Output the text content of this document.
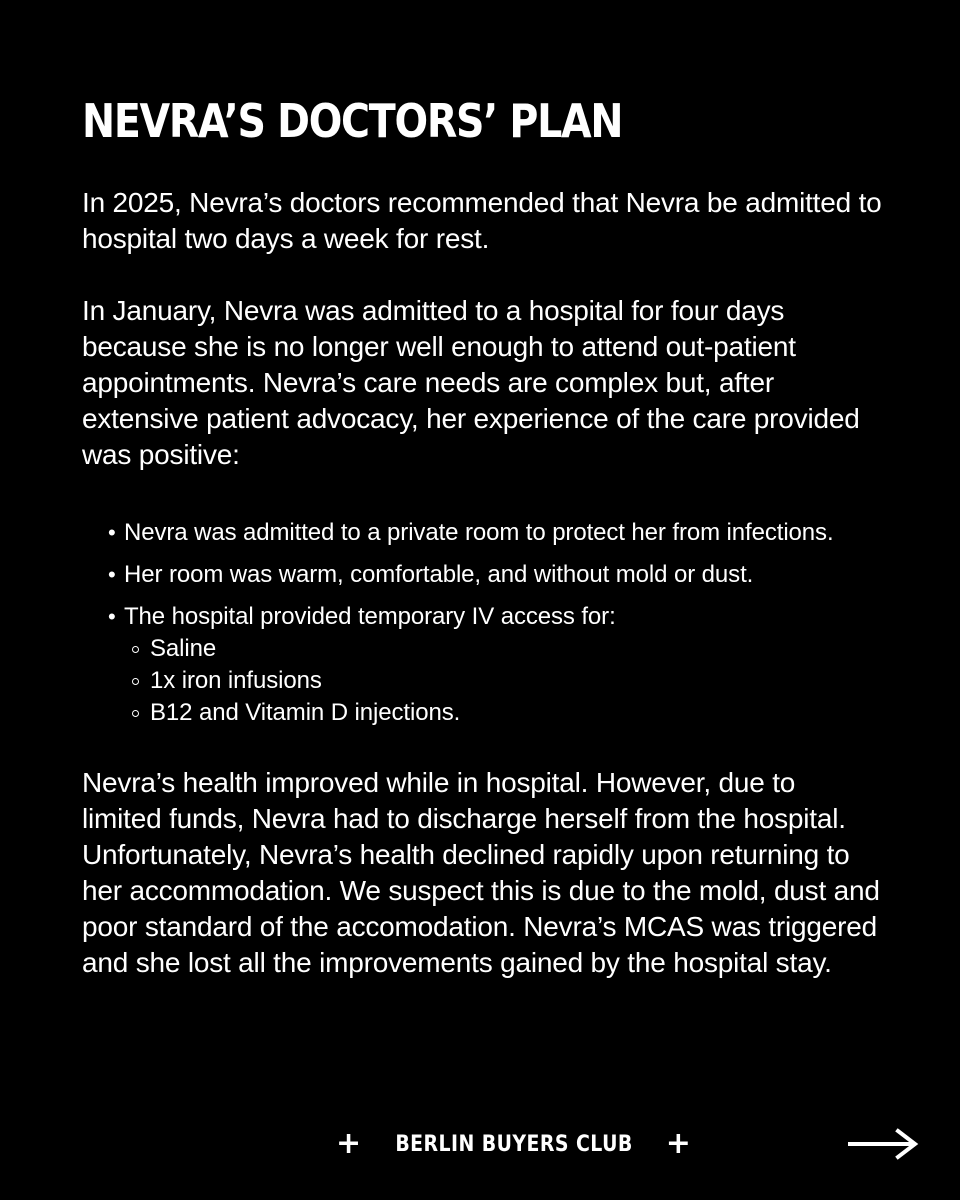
NEVRA’S DOCTORS’ PLAN

In 2025, Nevra’s doctors recommended that Nevra be admitted to hospital two days a week for rest.

In January, Nevra was admitted to a hospital for four days because she is no longer well enough to attend out-patient appointments. Nevra’s care needs are complex but, after extensive patient advocacy, her experience of the care provided was positive:

• Nevra was admitted to a private room to protect her from infections.
• Her room was warm, comfortable, and without mold or dust.
• The hospital provided temporary IV access for:
Saline
1x iron infusions
B12 and Vitamin D injections.

Nevra’s health improved while in hospital. However, due to limited funds, Nevra had to discharge herself from the hospital. Unfortunately, Nevra’s health declined rapidly upon returning to her accommodation. We suspect this is due to the mold, dust and poor standard of the accomodation. Nevra’s MCAS was triggered and she lost all the improvements gained by the hospital stay.

+ BERLIN BUYERS CLUB +
